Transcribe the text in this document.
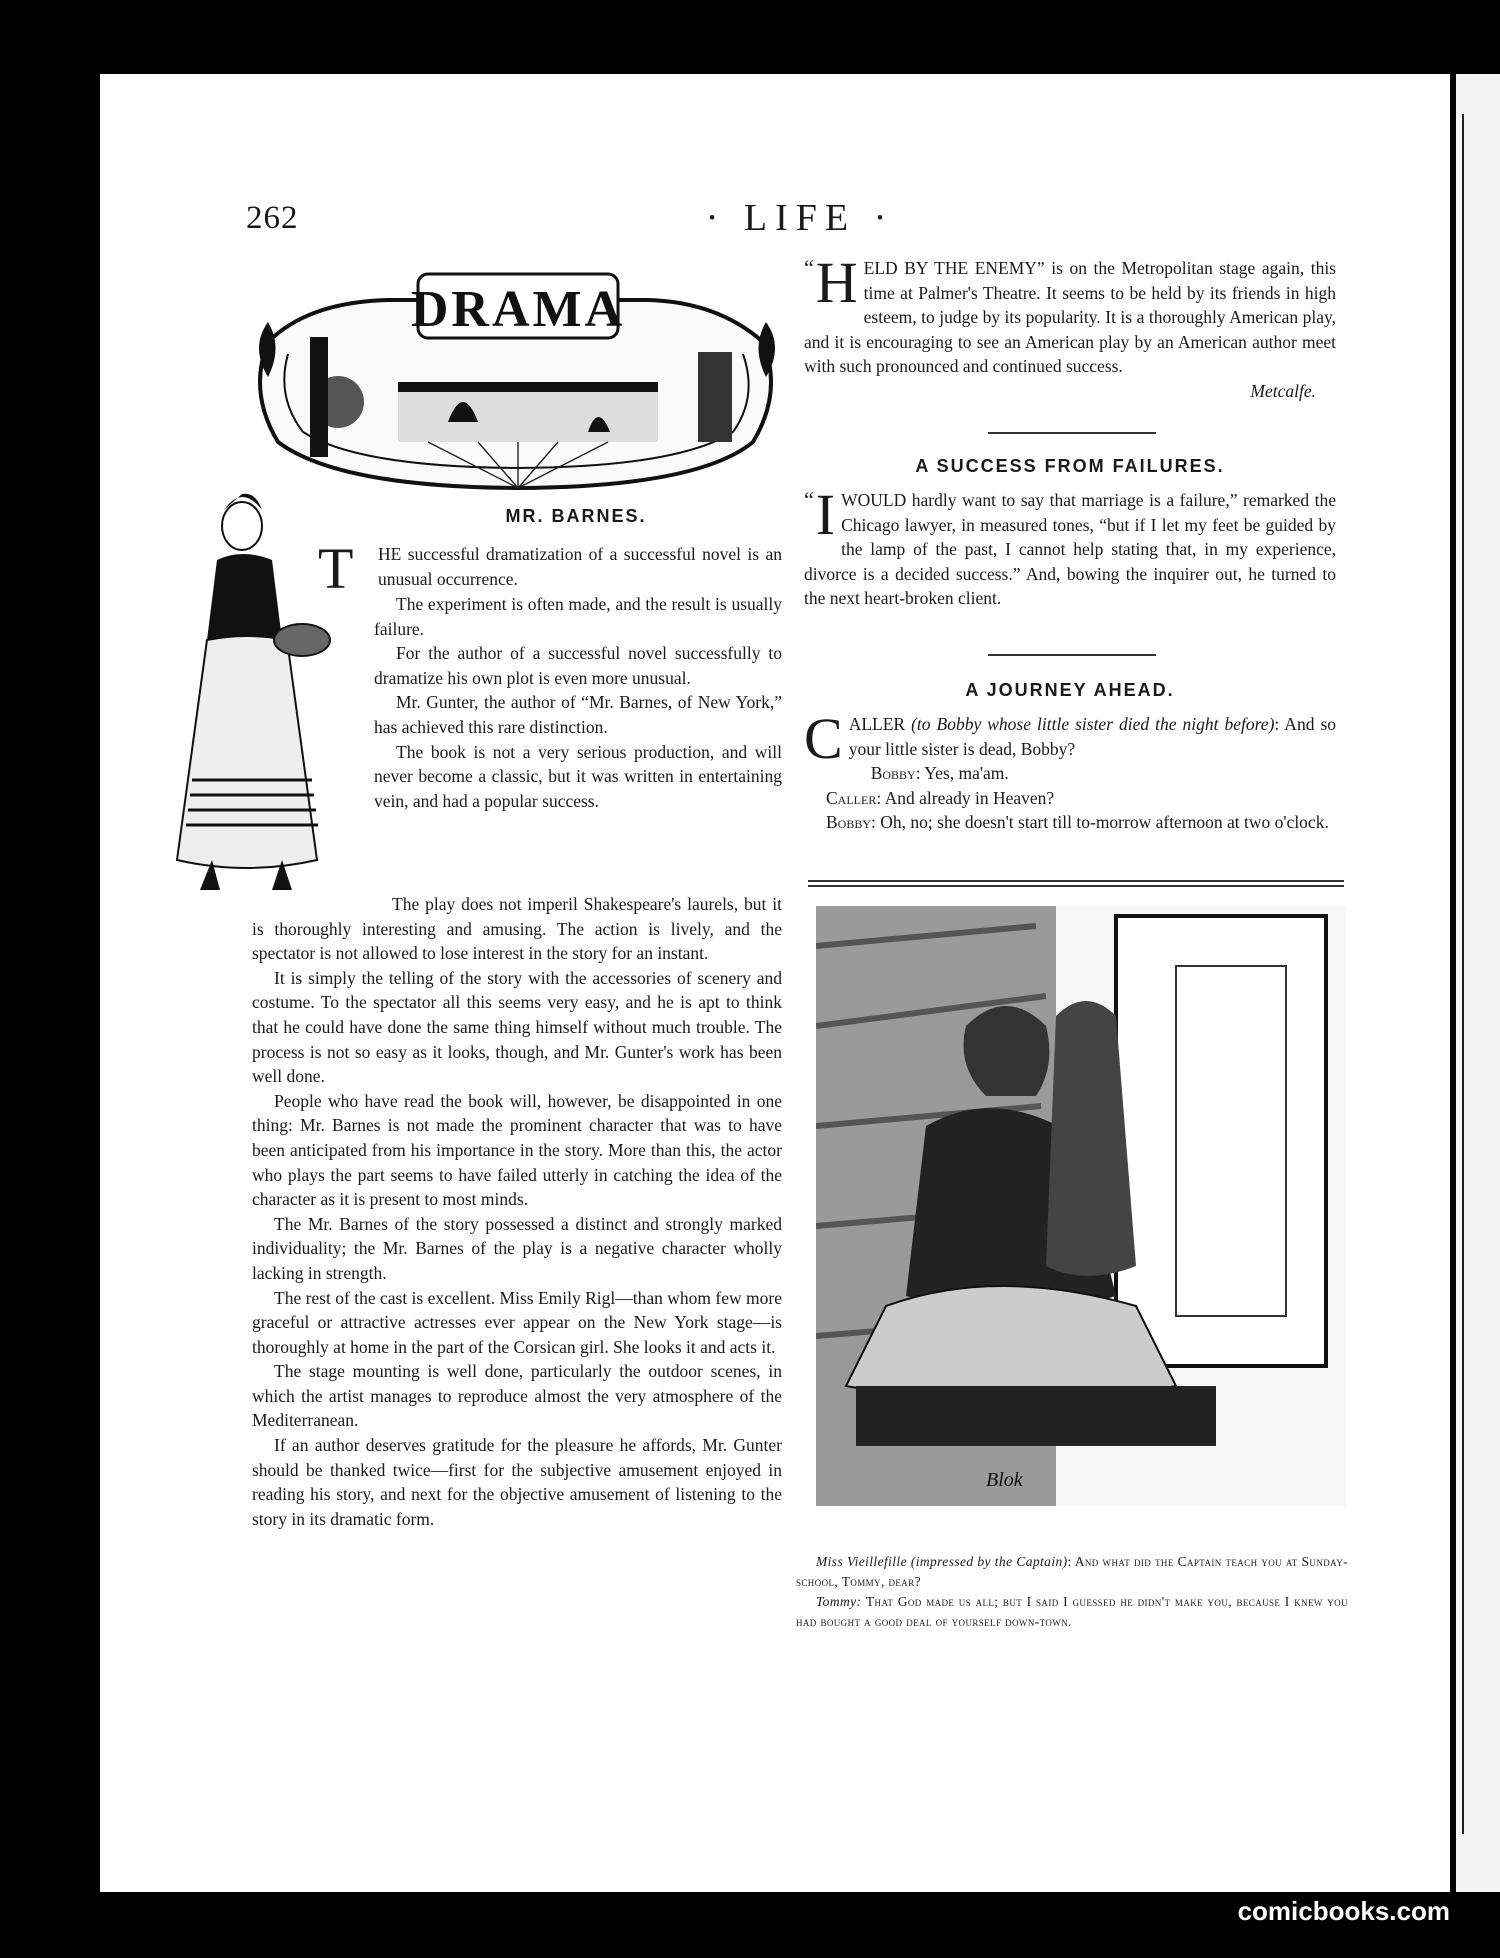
262	· LIFE ·
DRAMA
MR. BARNES.
T HE successful dramatization of a successful novel is an unusual occurrence.

The experiment is often made, and the result is usually failure.

For the author of a successful novel successfully to dramatize his own plot is even more unusual.

Mr. Gunter, the author of “Mr. Barnes, of New York,” has achieved this rare distinction.

The book is not a very serious production, and will never become a classic, but it was written in entertaining vein, and had a popular success.

The play does not imperil Shakespeare's laurels, but it is thoroughly interesting and amusing. The action is lively, and the spectator is not allowed to lose interest in the story for an instant.

It is simply the telling of the story with the accessories of scenery and costume. To the spectator all this seems very easy, and he is apt to think that he could have done the same thing himself without much trouble. The process is not so easy as it looks, though, and Mr. Gunter's work has been well done.

People who have read the book will, however, be disappointed in one thing: Mr. Barnes is not made the prominent character that was to have been anticipated from his importance in the story. More than this, the actor who plays the part seems to have failed utterly in catching the idea of the character as it is present to most minds.

The Mr. Barnes of the story possessed a distinct and strongly marked individuality; the Mr. Barnes of the play is a negative character wholly lacking in strength.

The rest of the cast is excellent. Miss Emily Rigl—than whom few more graceful or attractive actresses ever appear on the New York stage—is thoroughly at home in the part of the Corsican girl. She looks it and acts it.

The stage mounting is well done, particularly the outdoor scenes, in which the artist manages to reproduce almost the very atmosphere of the Mediterranean.

If an author deserves gratitude for the pleasure he affords, Mr. Gunter should be thanked twice—first for the subjective amusement enjoyed in reading his story, and next for the objective amusement of listening to the story in its dramatic form.

“ H ELD BY THE ENEMY” is on the Metropolitan stage again, this time at Palmer's Theatre. It seems to be held by its friends in high esteem, to judge by its popularity. It is a thoroughly American play, and it is encouraging to see an American play by an American author meet with such pronounced and continued success.

Metcalfe.

A SUCCESS FROM FAILURES.
“ I WOULD hardly want to say that marriage is a failure,” remarked the Chicago lawyer, in measured tones, “but if I let my feet be guided by the lamp of the past, I cannot help stating that, in my experience, divorce is a decided success.” And, bowing the inquirer out, he turned to the next heart-broken client.

A JOURNEY AHEAD.
C ALLER (to Bobby whose little sister died the night before): And so your little sister is dead, Bobby?

Bobby: Yes, ma'am.

Caller: And already in Heaven?

Bobby: Oh, no; she doesn't start till to-morrow afternoon at two o'clock.

Blok

Miss Vieillefille (impressed by the Captain): And what did the Captain teach you at Sunday-school, Tommy, dear?

Tommy: That God made us all; but I said I guessed he didn't make you, because I knew you had bought a good deal of yourself down-town.

comicbooks.com
